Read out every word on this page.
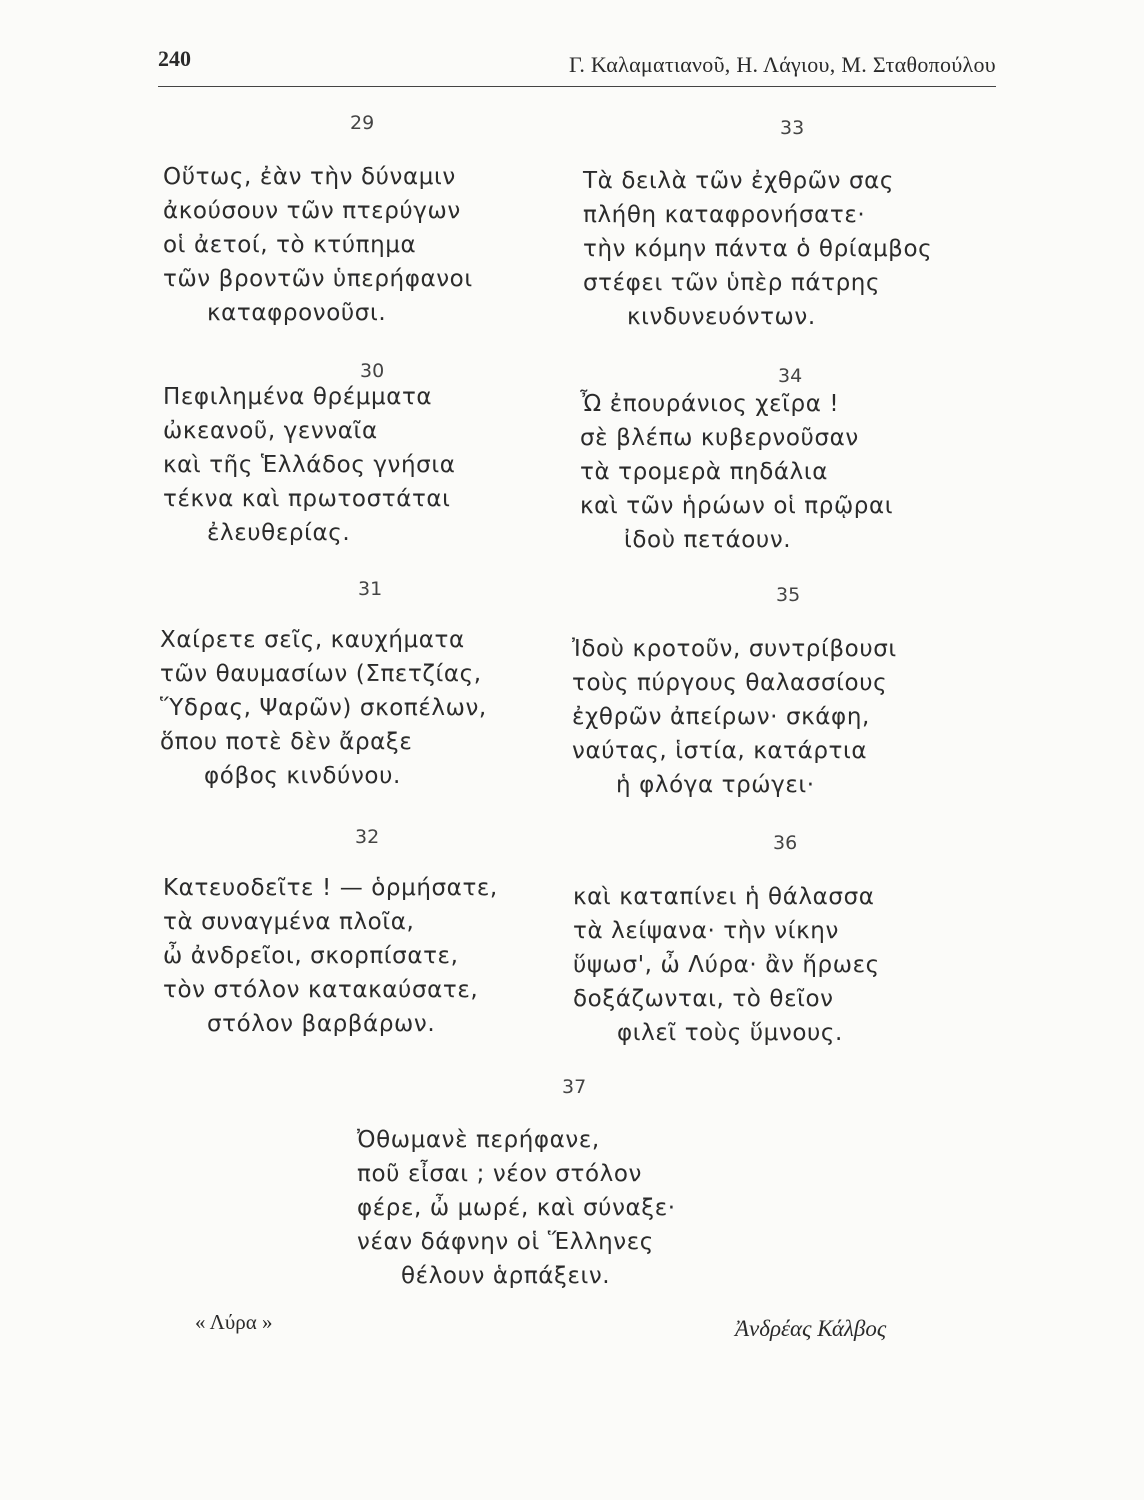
240	Γ. Καλαματιανοῦ, Η. Λάγιου, Μ. Σταθοπούλου
29
Οὕτως, ἐὰν τὴν δύναμιν
ἀκούσουν τῶν πτερύγων
οἱ ἀετοί, τὸ κτύπημα
τῶν βροντῶν ὑπερήφανοι
καταφρονοῦσι.
30
Πεφιλημένα θρέμματα
ὠκεανοῦ, γενναῖα
καὶ τῆς Ἑλλάδος γνήσια
τέκνα καὶ πρωτοστάται
ἐλευθερίας.
31
Χαίρετε σεῖς, καυχήματα
τῶν θαυμασίων (Σπετζίας,
Ὕδρας, Ψαρῶν) σκοπέλων,
ὅπου ποτὲ δὲν ἄραξε
φόβος κινδύνου.
32
Κατευοδεῖτε ! — ὁρμήσατε,
τὰ συναγμένα πλοῖα,
ὦ ἀνδρεῖοι, σκορπίσατε,
τὸν στόλον κατακαύσατε,
στόλον βαρβάρων.
33
Τὰ δειλὰ τῶν ἐχθρῶν σας
πλήθη καταφρονήσατε·
τὴν κόμην πάντα ὁ θρίαμβος
στέφει τῶν ὑπὲρ πάτρης
κινδυνευόντων.
34
Ὦ ἐπουράνιος χεῖρα !
σὲ βλέπω κυβερνοῦσαν
τὰ τρομερὰ πηδάλια
καὶ τῶν ἡρώων οἱ πρῷραι
ἰδοὺ πετάουν.
35
Ἰδοὺ κροτοῦν, συντρίβουσι
τοὺς πύργους θαλασσίους
ἐχθρῶν ἀπείρων· σκάφη,
ναύτας, ἱστία, κατάρτια
ἡ φλόγα τρώγει·
36
καὶ καταπίνει ἡ θάλασσα
τὰ λείψανα· τὴν νίκην
ὕψωσ', ὦ Λύρα· ἂν ἥρωες
δοξάζωνται, τὸ θεῖον
φιλεῖ τοὺς ὕμνους.
37
Ὀθωμανὲ περήφανε,
ποῦ εἶσαι ; νέον στόλον
φέρε, ὦ μωρέ, καὶ σύναξε·
νέαν δάφνην οἱ Ἕλληνες
θέλουν ἁρπάξειν.
« Λύρα »	Ἀνδρέας Κάλβος
